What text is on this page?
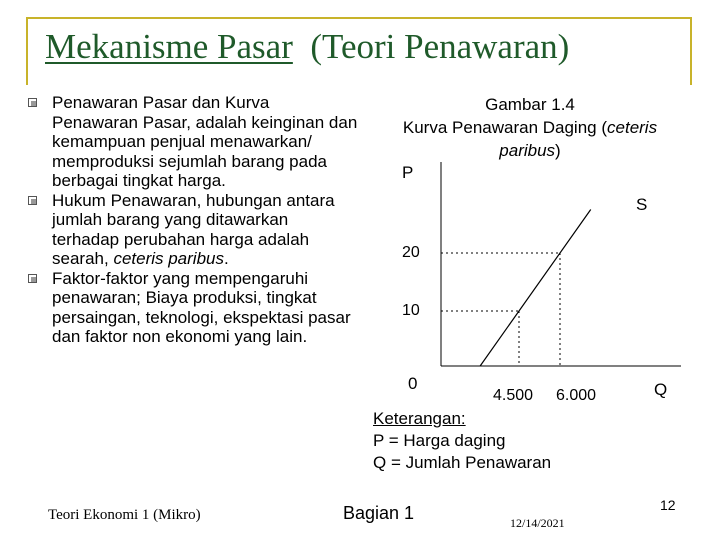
Mekanisme Pasar (Teori Penawaran)
Penawaran Pasar dan Kurva Penawaran Pasar, adalah keinginan dan kemampuan penjual menawarkan/ memproduksi sejumlah barang pada berbagai tingkat harga.
Hukum Penawaran, hubungan antara jumlah barang yang ditawarkan terhadap perubahan harga adalah searah, ceteris paribus.
Faktor-faktor yang mempengaruhi penawaran; Biaya produksi, tingkat persaingan, teknologi, ekspektasi pasar dan faktor non ekonomi yang lain.
Gambar 1.4
Kurva Penawaran Daging (ceteris paribus)
P
S
20
10
0
4.500 6.000	Q
Keterangan:
P = Harga daging
Q = Jumlah Penawaran
Teori Ekonomi 1 (Mikro)	Bagian 1	12/14/2021
12
